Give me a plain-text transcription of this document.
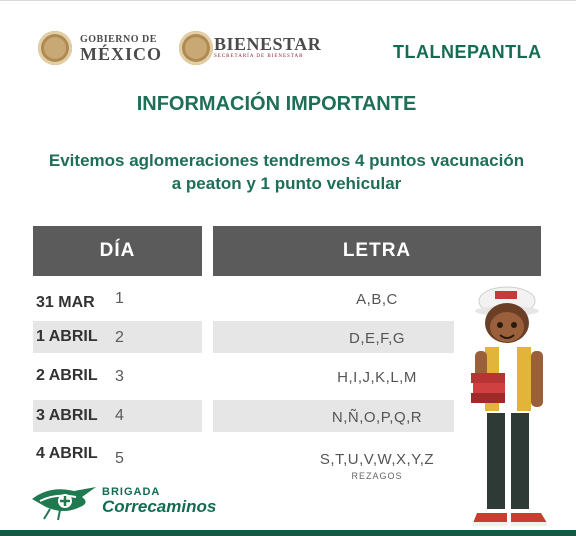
GOBIERNO DE
MÉXICO	BIENESTAR
SECRETARÍA DE BIENESTAR	TLALNEPANTLA
INFORMACIÓN IMPORTANTE
Evitemos aglomeraciones tendremos 4 puntos vacunación
a peaton y 1 punto vehicular
DÍA	LETRA
31 MAR 1	A,B,C
1 ABRIL 2	D,E,F,G
2 ABRIL 3	H,I,J,K,L,M
3 ABRIL 4	N,Ñ,O,P,Q,R
4 ABRIL 5	S,T,U,V,W,X,Y,Z
REZAGOS
BRIGADA
Correcaminos
